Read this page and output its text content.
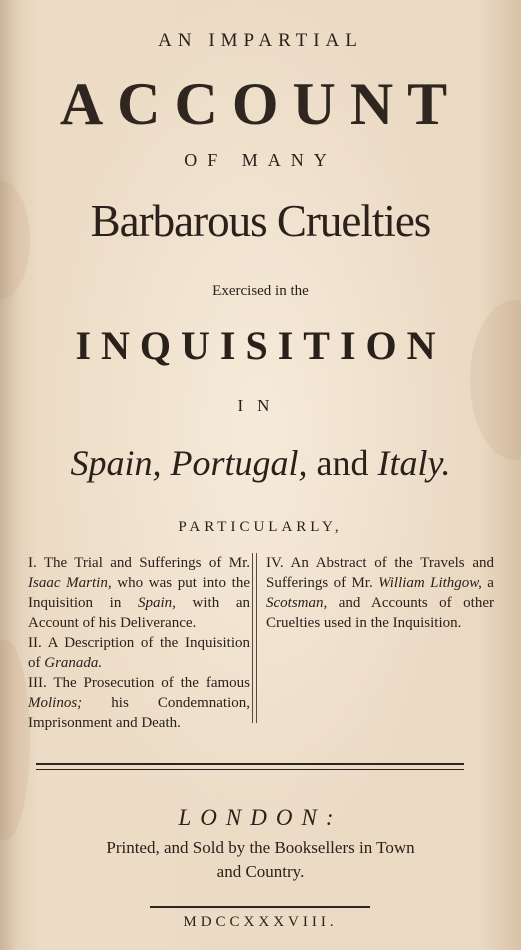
AN IMPARTIAL
ACCOUNT
OF MANY
Barbarous Cruelties
Exercised in the
INQUISITION
IN
Spain, Portugal, and Italy.
PARTICULARLY,

I. The Trial and Sufferings of Mr. Isaac Martin, who was put into the Inquisition in Spain, with an Account of his Deliverance.

II. A Description of the Inquisition of Granada.

III. The Prosecution of the famous Molinos; his Condemnation, Imprisonment and Death.

IV. An Abstract of the Travels and Sufferings of Mr. William Lithgow, a Scotsman, and Accounts of other Cruelties used in the Inquisition.

LONDON:
Printed, and Sold by the Booksellers in Town
and Country.
MDCCXXXVIII.
